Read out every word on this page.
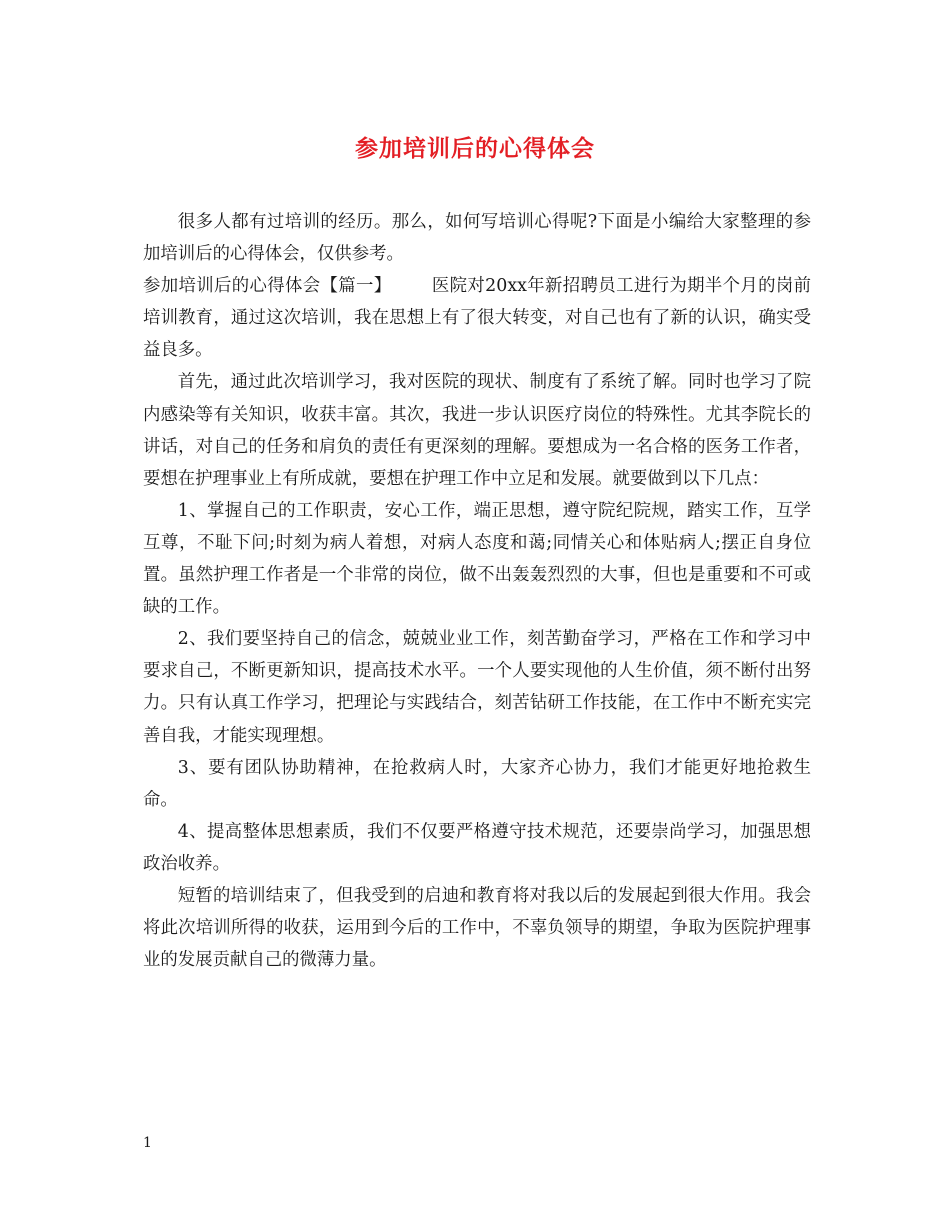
参加培训后的心得体会

很多人都有过培训的经历。那么，如何写培训心得呢?下面是小编给大家整理的参加培训后的心得体会，仅供参考。

参加培训后的心得体会【篇一】 医院对20xx年新招聘员工进行为期半个月的岗前培训教育，通过这次培训，我在思想上有了很大转变，对自己也有了新的认识，确实受益良多。

首先，通过此次培训学习，我对医院的现状、制度有了系统了解。同时也学习了院内感染等有关知识，收获丰富。其次，我进一步认识医疗岗位的特殊性。尤其李院长的讲话，对自己的任务和肩负的责任有更深刻的理解。要想成为一名合格的医务工作者，要想在护理事业上有所成就，要想在护理工作中立足和发展。就要做到以下几点：

1、掌握自己的工作职责，安心工作，端正思想，遵守院纪院规，踏实工作，互学互尊，不耻下问;时刻为病人着想，对病人态度和蔼;同情关心和体贴病人;摆正自身位置。虽然护理工作者是一个非常的岗位，做不出轰轰烈烈的大事，但也是重要和不可或缺的工作。

2、我们要坚持自己的信念，兢兢业业工作，刻苦勤奋学习，严格在工作和学习中要求自己，不断更新知识，提高技术水平。一个人要实现他的人生价值，须不断付出努力。只有认真工作学习，把理论与实践结合，刻苦钻研工作技能，在工作中不断充实完善自我，才能实现理想。

3、要有团队协助精神，在抢救病人时，大家齐心协力，我们才能更好地抢救生命。

4、提高整体思想素质，我们不仅要严格遵守技术规范，还要崇尚学习，加强思想政治收养。

短暂的培训结束了，但我受到的启迪和教育将对我以后的发展起到很大作用。我会将此次培训所得的收获，运用到今后的工作中，不辜负领导的期望，争取为医院护理事业的发展贡献自己的微薄力量。

1
